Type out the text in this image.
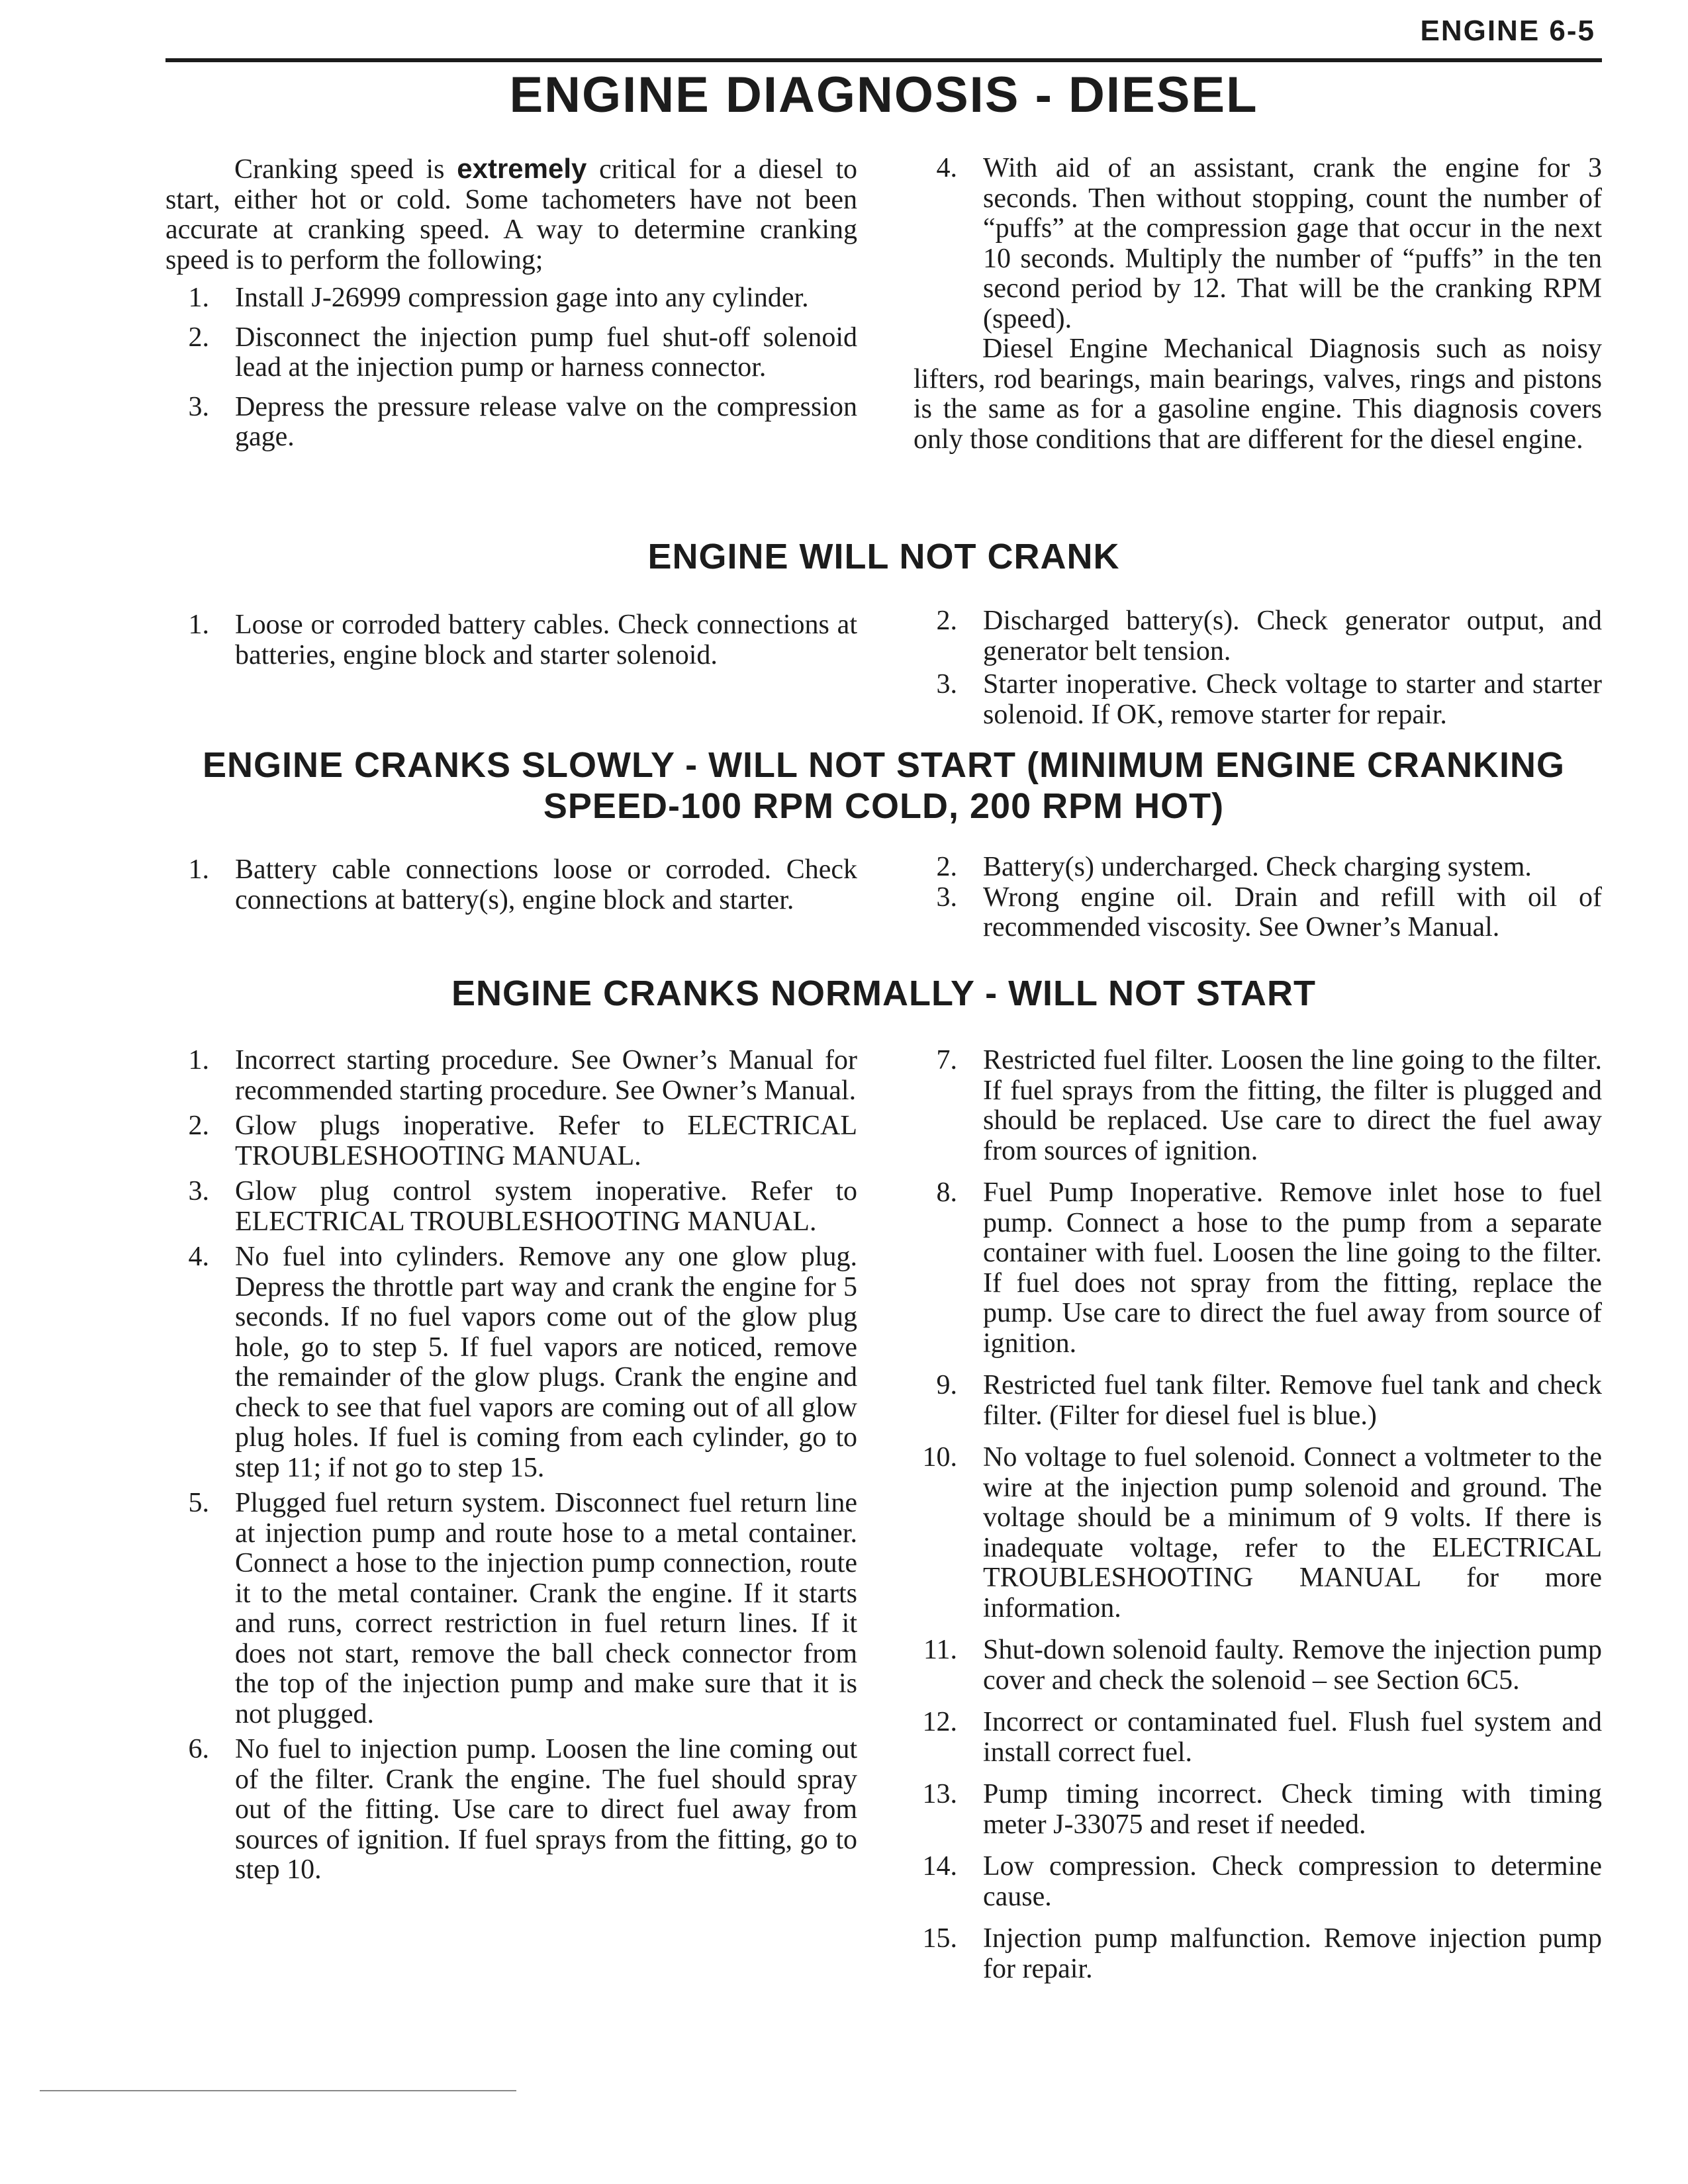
ENGINE 6-5
ENGINE DIAGNOSIS - DIESEL

Cranking speed is extremely critical for a diesel to start, either hot or cold. Some tachometers have not been accurate at cranking speed. A way to determine cranking speed is to perform the following;

1. Install J-26999 compression gage into any cylinder.
2. Disconnect the injection pump fuel shut-off solenoid lead at the injection pump or harness connector.
3. Depress the pressure release valve on the compression gage.
4. With aid of an assistant, crank the engine for 3 seconds. Then without stopping, count the number of “puffs” at the compression gage that occur in the next 10 seconds. Multiply the number of “puffs” in the ten second period by 12. That will be the cranking RPM (speed).

Diesel Engine Mechanical Diagnosis such as noisy lifters, rod bearings, main bearings, valves, rings and pistons is the same as for a gasoline engine. This diagnosis covers only those conditions that are different for the diesel engine.

ENGINE WILL NOT CRANK
1. Loose or corroded battery cables. Check connections at batteries, engine block and starter solenoid.
2. Discharged battery(s). Check generator output, and generator belt tension.
3. Starter inoperative. Check voltage to starter and starter solenoid. If OK, remove starter for repair.
ENGINE CRANKS SLOWLY - WILL NOT START (MINIMUM ENGINE CRANKING
SPEED-100 RPM COLD, 200 RPM HOT)
1. Battery cable connections loose or corroded. Check connections at battery(s), engine block and starter.
2. Battery(s) undercharged. Check charging system.
3. Wrong engine oil. Drain and refill with oil of recommended viscosity. See Owner’s Manual.
ENGINE CRANKS NORMALLY - WILL NOT START
1. Incorrect starting procedure. See Owner’s Manual for recommended starting procedure. See Owner’s Manual.
2. Glow plugs inoperative. Refer to ELECTRICAL TROUBLESHOOTING MANUAL.
3. Glow plug control system inoperative. Refer to ELECTRICAL TROUBLESHOOTING MANUAL.
4. No fuel into cylinders. Remove any one glow plug. Depress the throttle part way and crank the engine for 5 seconds. If no fuel vapors come out of the glow plug hole, go to step 5. If fuel vapors are noticed, remove the remainder of the glow plugs. Crank the engine and check to see that fuel vapors are coming out of all glow plug holes. If fuel is coming from each cylinder, go to step 11; if not go to step 15.
5. Plugged fuel return system. Disconnect fuel return line at injection pump and route hose to a metal container. Connect a hose to the injection pump connection, route it to the metal container. Crank the engine. If it starts and runs, correct restriction in fuel return lines. If it does not start, remove the ball check connector from the top of the injection pump and make sure that it is not plugged.
6. No fuel to injection pump. Loosen the line coming out of the filter. Crank the engine. The fuel should spray out of the fitting. Use care to direct fuel away from sources of ignition. If fuel sprays from the fitting, go to step 10.
7. Restricted fuel filter. Loosen the line going to the filter. If fuel sprays from the fitting, the filter is plugged and should be replaced. Use care to direct the fuel away from sources of ignition.
8. Fuel Pump Inoperative. Remove inlet hose to fuel pump. Connect a hose to the pump from a separate container with fuel. Loosen the line going to the filter. If fuel does not spray from the fitting, replace the pump. Use care to direct the fuel away from source of ignition.
9. Restricted fuel tank filter. Remove fuel tank and check filter. (Filter for diesel fuel is blue.)
10. No voltage to fuel solenoid. Connect a voltmeter to the wire at the injection pump solenoid and ground. The voltage should be a minimum of 9 volts. If there is inadequate voltage, refer to the ELECTRICAL TROUBLESHOOTING MANUAL for more information.
11. Shut-down solenoid faulty. Remove the injection pump cover and check the solenoid – see Section 6C5.
12. Incorrect or contaminated fuel. Flush fuel system and install correct fuel.
13. Pump timing incorrect. Check timing with timing meter J-33075 and reset if needed.
14. Low compression. Check compression to determine cause.
15. Injection pump malfunction. Remove injection pump for repair.
